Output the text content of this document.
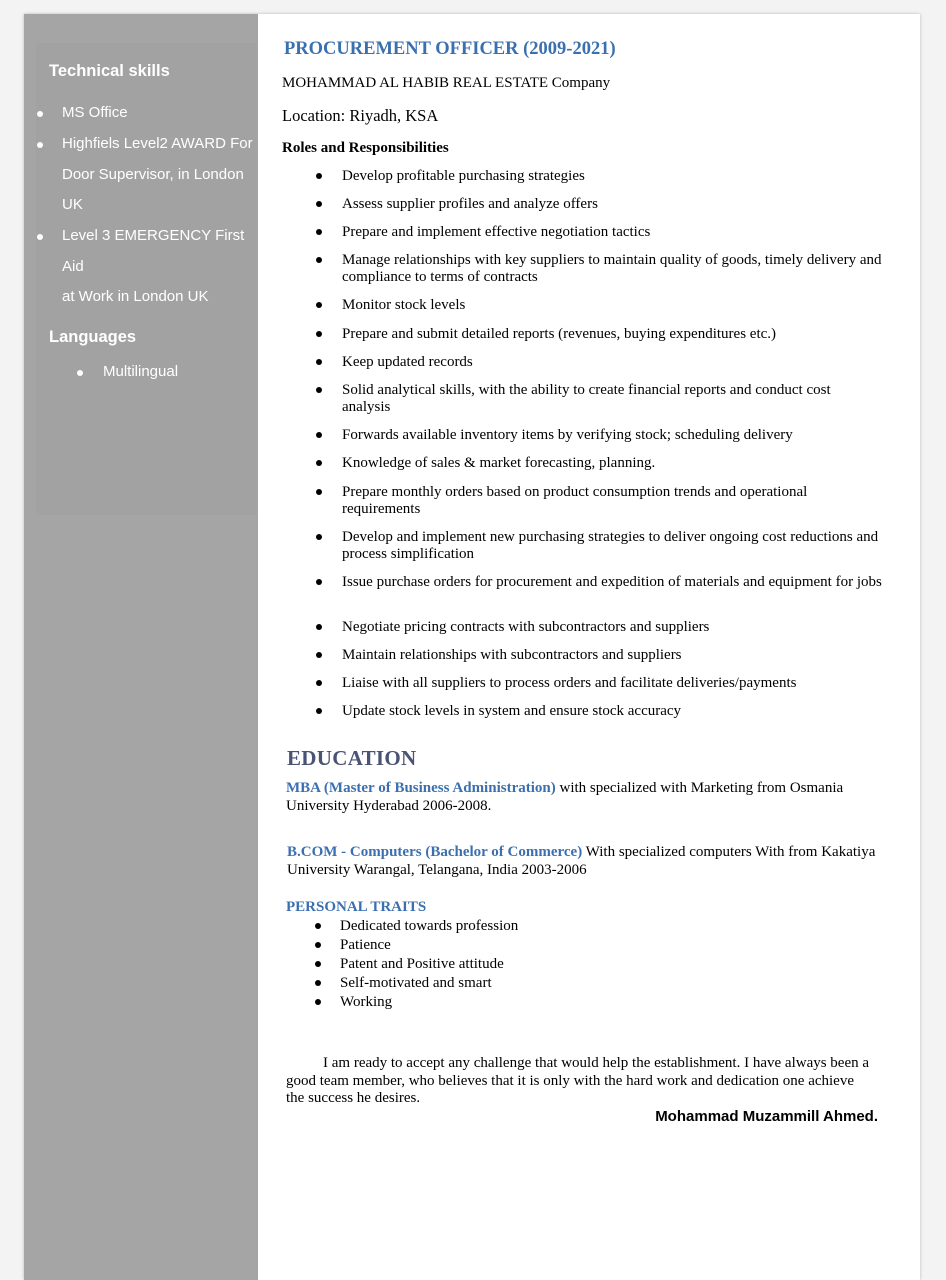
Technical skills
MS Office
Highfiels Level2 AWARD For
Door Supervisor, in London
UK
Level 3 EMERGENCY First Aid
at Work in London UK
Languages
Multilingual
PROCUREMENT OFFICER (2009-2021)
MOHAMMAD AL HABIB REAL ESTATE Company
Location: Riyadh, KSA
Roles and Responsibilities
Develop profitable purchasing strategies
Assess supplier profiles and analyze offers
Prepare and implement effective negotiation tactics
Manage relationships with key suppliers to maintain quality of goods, timely delivery and compliance to terms of contracts
Monitor stock levels
Prepare and submit detailed reports (revenues, buying expenditures etc.)
Keep updated records
Solid analytical skills, with the ability to create financial reports and conduct cost analysis
Forwards available inventory items by verifying stock; scheduling delivery
Knowledge of sales & market forecasting, planning.
Prepare monthly orders based on product consumption trends and operational requirements
Develop and implement new purchasing strategies to deliver ongoing cost reductions and process simplification
Issue purchase orders for procurement and expedition of materials and equipment for jobs
Negotiate pricing contracts with subcontractors and suppliers
Maintain relationships with subcontractors and suppliers
Liaise with all suppliers to process orders and facilitate deliveries/payments
Update stock levels in system and ensure stock accuracy
EDUCATION
MBA (Master of Business Administration) with specialized with Marketing from Osmania University Hyderabad 2006-2008.
B.COM - Computers (Bachelor of Commerce) With specialized computers With from Kakatiya University Warangal, Telangana, India 2003-2006
PERSONAL TRAITS
Dedicated towards profession
Patience
Patent and Positive attitude
Self-motivated and smart
Working
I am ready to accept any challenge that would help the establishment. I have always been a good team member, who believes that it is only with the hard work and dedication one achieve the success he desires.
Mohammad Muzammill Ahmed.
